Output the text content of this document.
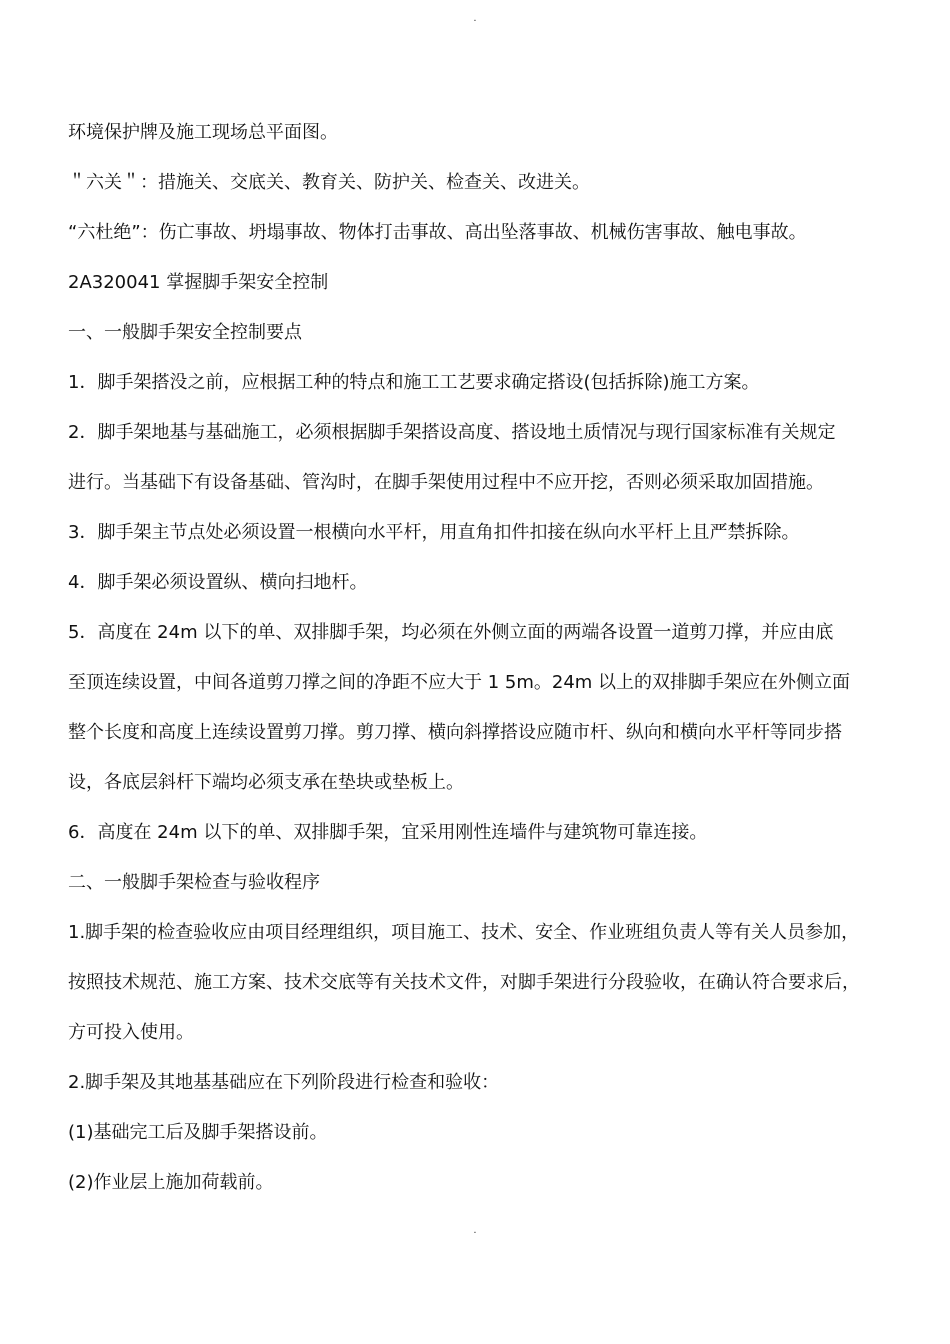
.
环境保护牌及施工现场总平面图。
＂六关＂：措施关、交底关、教育关、防护关、检查关、改进关。
“六杜绝”：伤亡事故、坍塌事故、物体打击事故、高出坠落事故、机械伤害事故、触电事故。
2A320041 掌握脚手架安全控制
一、一般脚手架安全控制要点
1．脚手架搭没之前，应根据工种的特点和施工工艺要求确定搭设(包括拆除)施工方案。
2．脚手架地基与基础施工，必须根据脚手架搭设高度、搭设地土质情况与现行国家标准有关规定
进行。当基础下有设备基础、管沟时，在脚手架使用过程中不应开挖，否则必须采取加固措施。
3．脚手架主节点处必须设置一根横向水平杆，用直角扣件扣接在纵向水平杆上且严禁拆除。
4．脚手架必须设置纵、横向扫地杆。
5．高度在 24m 以下的单、双排脚手架，均必须在外侧立面的两端各设置一道剪刀撑，并应由底
至顶连续设置，中间各道剪刀撑之间的净距不应大于 1 5m。24m 以上的双排脚手架应在外侧立面
整个长度和高度上连续设置剪刀撑。剪刀撑、横向斜撑搭设应随市杆、纵向和横向水平杆等同步搭
设，各底层斜杆下端均必须支承在垫块或垫板上。
6．高度在 24m 以下的单、双排脚手架，宜采用刚性连墙件与建筑物可靠连接。
二、一般脚手架检查与验收程序
1.脚手架的检查验收应由项目经理组织，项目施工、技术、安全、作业班组负责人等有关人员参加，
按照技术规范、施工方案、技术交底等有关技术文件，对脚手架进行分段验收，在确认符合要求后，
方可投入使用。
2.脚手架及其地基基础应在下列阶段进行检查和验收：
(1)基础完工后及脚手架搭设前。
(2)作业层上施加荷载前。
.
